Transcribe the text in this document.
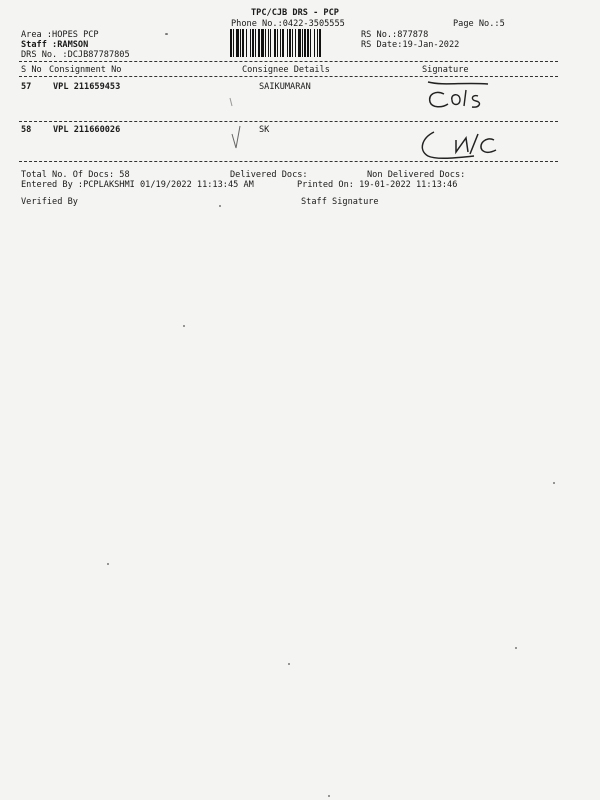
TPC/CJB DRS - PCP
Phone No.:0422-3505555	Page No.:5
Area :HOPES PCP
Staff :RAMSON
DRS No. :DCJB87787805
RS No.:877878
RS Date:19-Jan-2022
S No Consignment No	Consignee Details	Signature
57	VPL 211659453	SAIKUMARAN
58	VPL 211660026	SK
Total No. Of Docs: 58	Delivered Docs:	Non Delivered Docs:
Entered By :PCPLAKSHMI 01/19/2022 11:13:45 AM	Printed On: 19-01-2022 11:13:46
Verified By	Staff Signature
